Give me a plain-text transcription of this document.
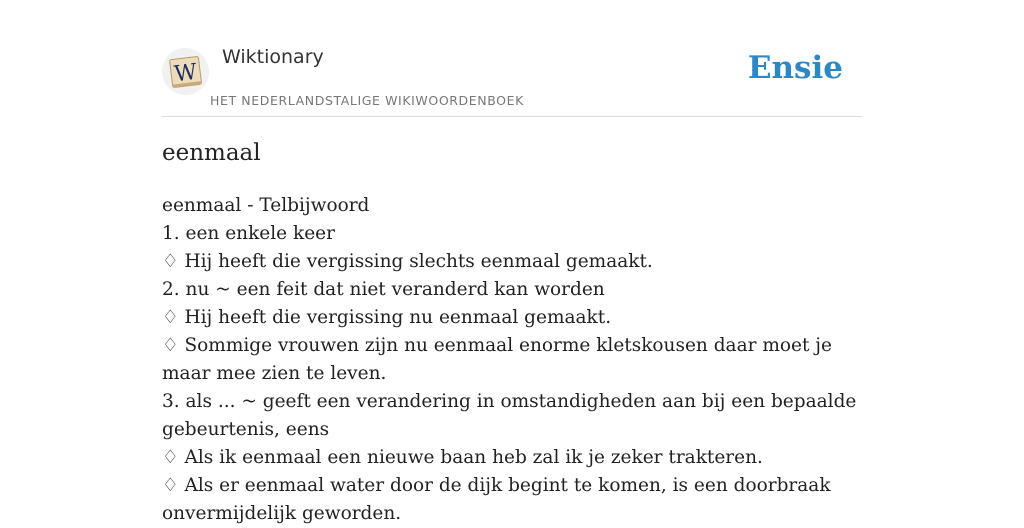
W
Wiktionary
HET NEDERLANDSTALIGE WIKIWOORDENBOEK
Ensie
eenmaal
eenmaal - Telbijwoord
1. een enkele keer
♢ Hij heeft die vergissing slechts eenmaal gemaakt.
2. nu ~ een feit dat niet veranderd kan worden
♢ Hij heeft die vergissing nu eenmaal gemaakt.
♢ Sommige vrouwen zijn nu eenmaal enorme kletskousen daar moet je maar mee zien te leven.
3. als ... ~ geeft een verandering in omstandigheden aan bij een bepaalde gebeurtenis, eens
♢ Als ik eenmaal een nieuwe baan heb zal ik je zeker trakteren.
♢ Als er eenmaal water door de dijk begint te komen, is een doorbraak onvermijdelijk geworden.
